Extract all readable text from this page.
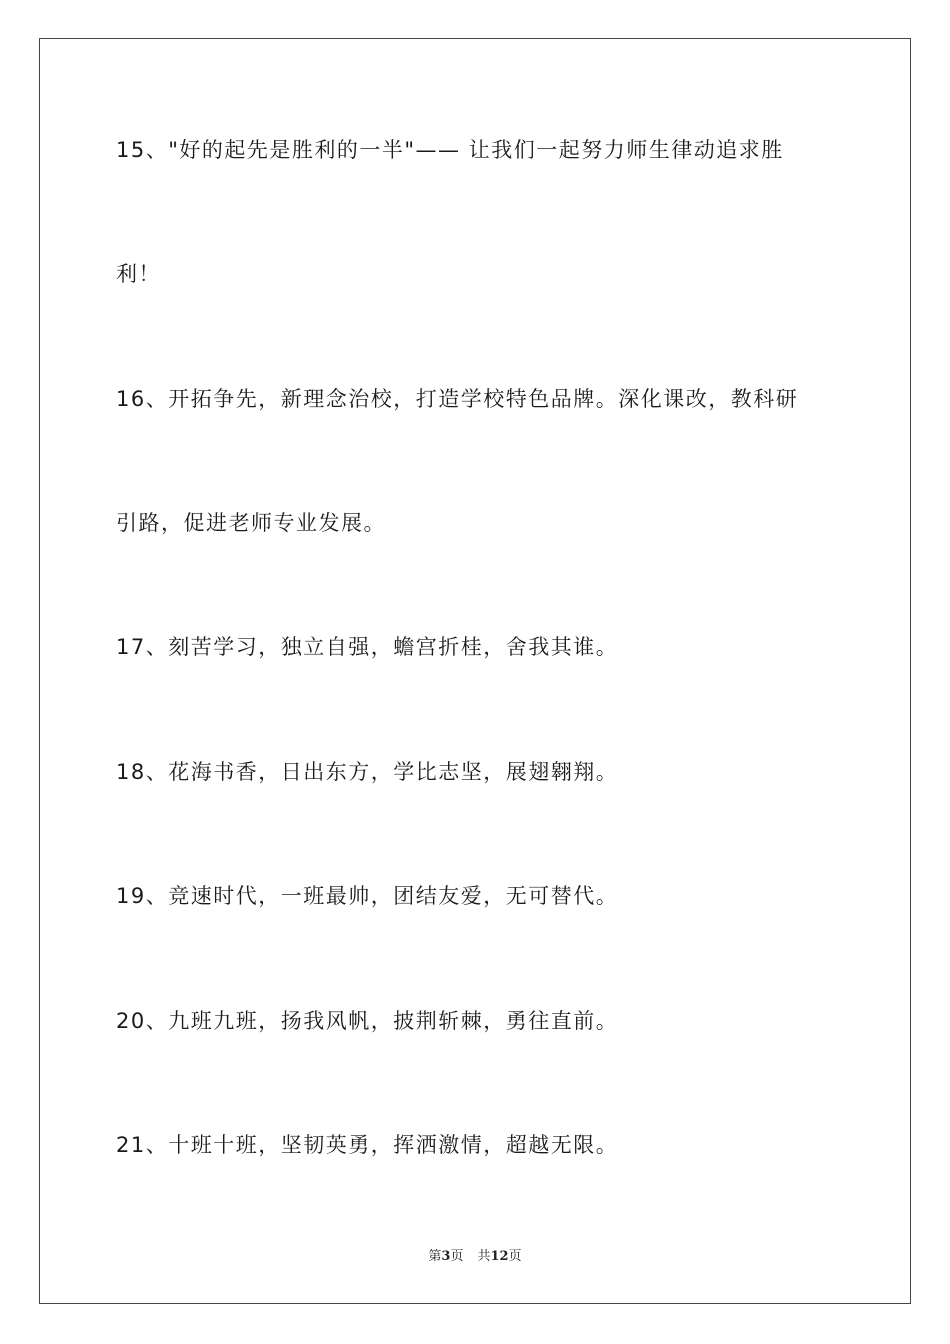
15、"好的起先是胜利的一半"—— 让我们一起努力师生律动追求胜
利！
16、开拓争先，新理念治校，打造学校特色品牌。深化课改，教科研
引路，促进老师专业发展。
17、刻苦学习，独立自强，蟾宫折桂，舍我其谁。
18、花海书香，日出东方，学比志坚，展翅翱翔。
19、竞速时代，一班最帅，团结友爱，无可替代。
20、九班九班，扬我风帆，披荆斩棘，勇往直前。
21、十班十班，坚韧英勇，挥洒激情，超越无限。
第3页 共12页
